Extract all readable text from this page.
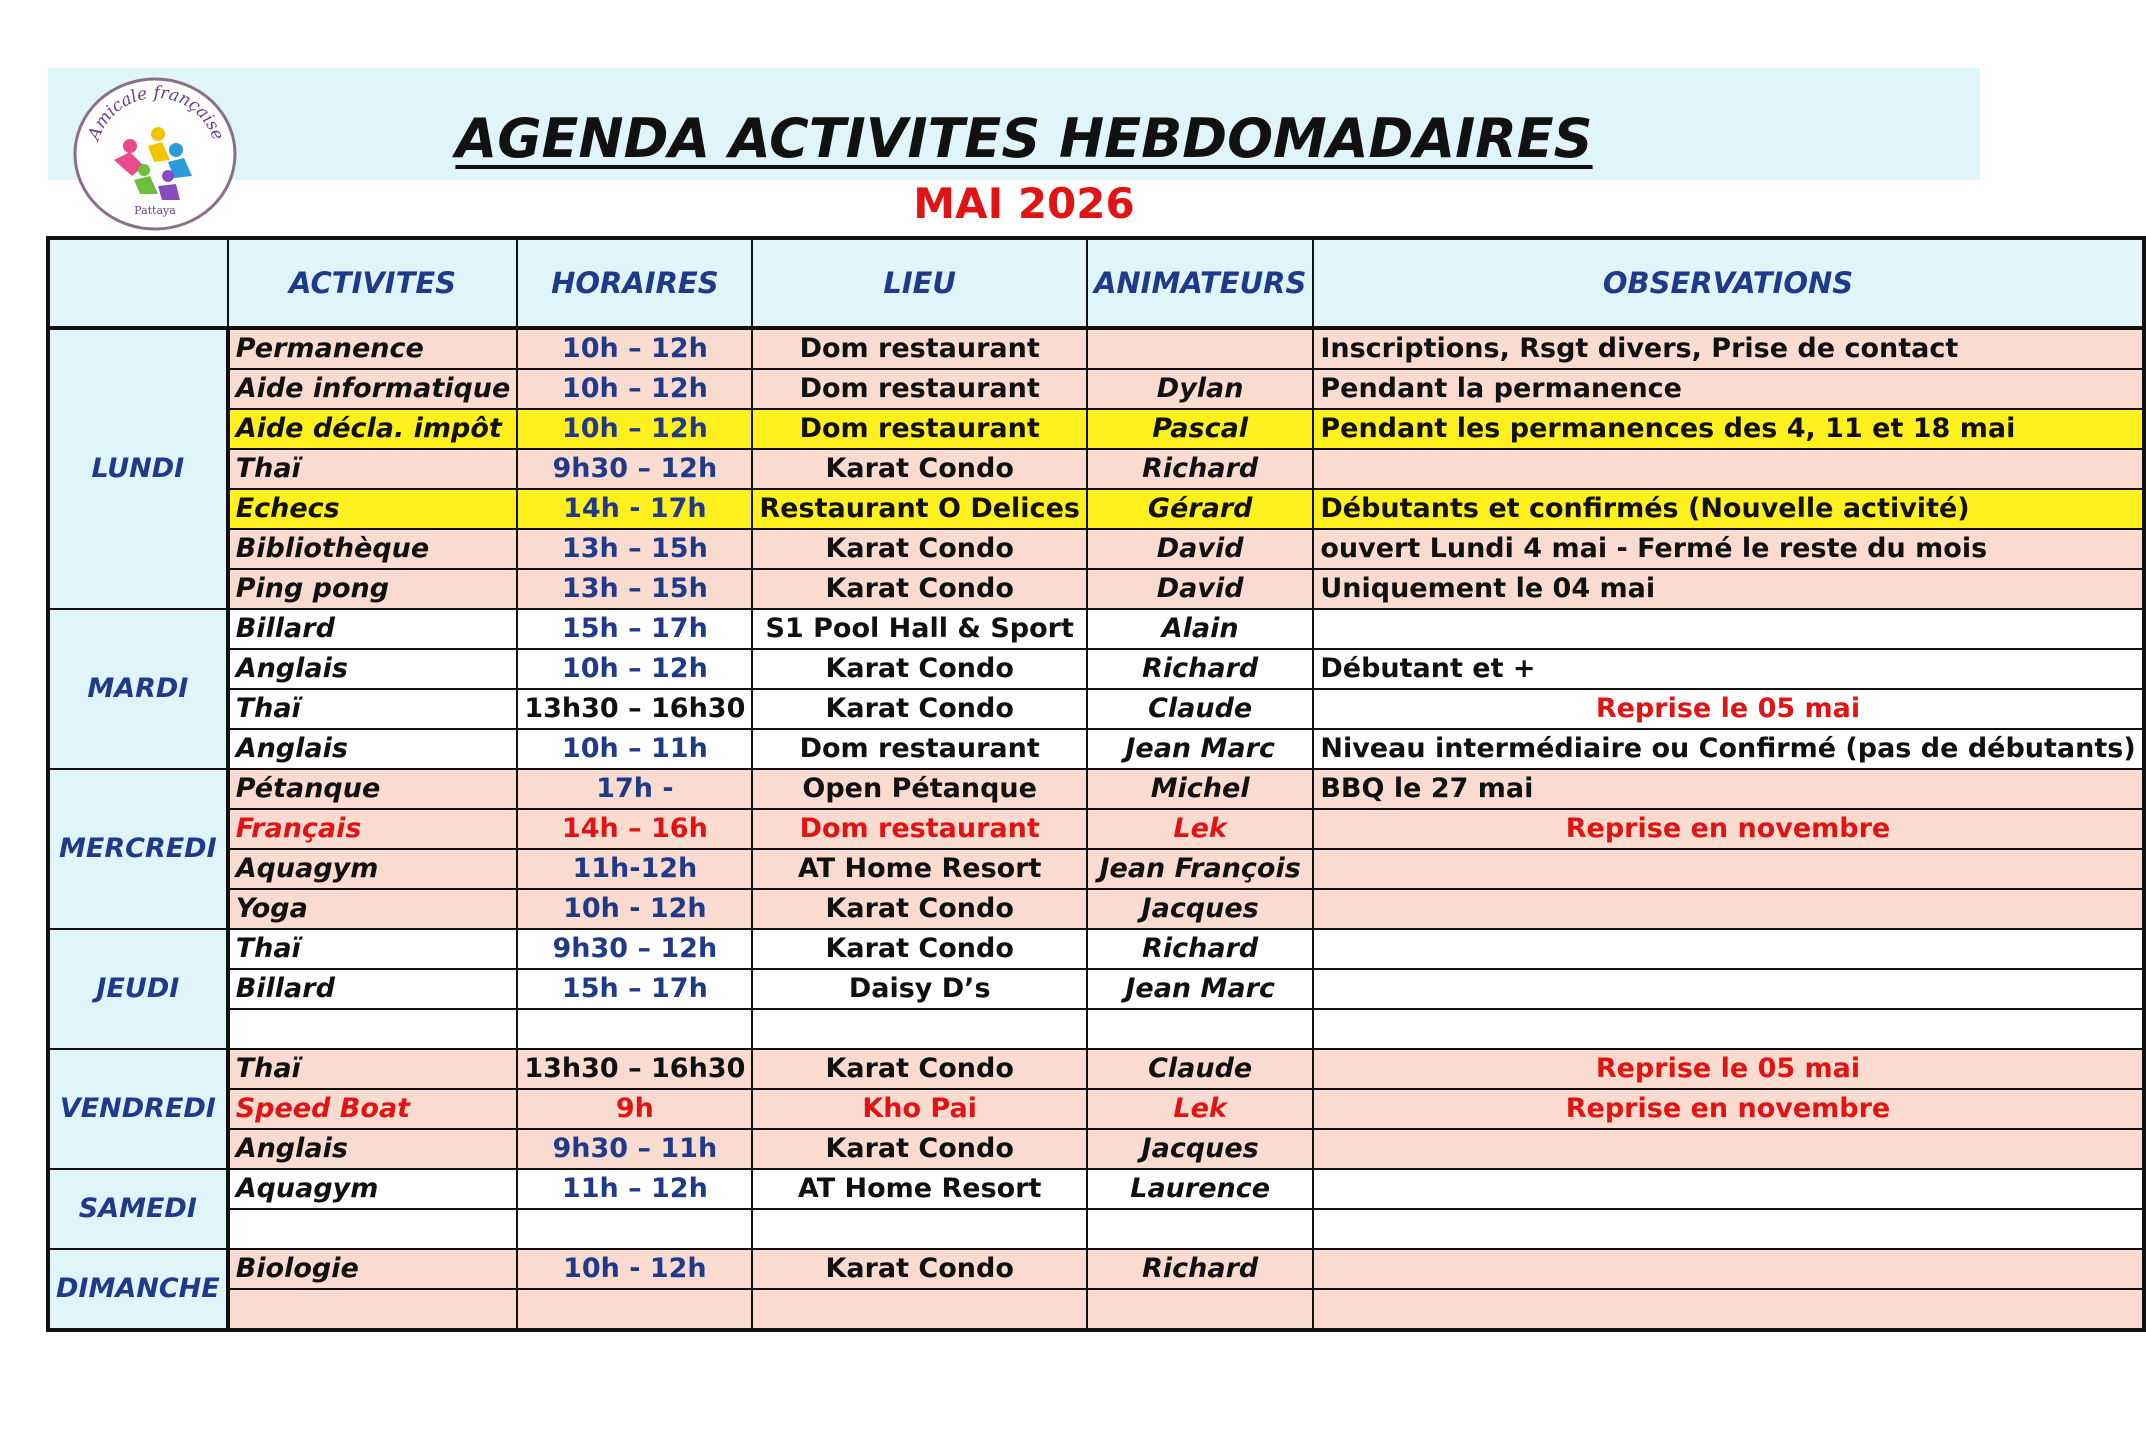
Amicale française
Pattaya
AGENDA ACTIVITES HEBDOMADAIRES
MAI 2026
	ACTIVITES	HORAIRES	LIEU	ANIMATEURS	OBSERVATIONS
LUNDI	Permanence	10h – 12h	Dom restaurant		Inscriptions, Rsgt divers, Prise de contact
	Aide informatique	10h – 12h	Dom restaurant	Dylan	Pendant la permanence
	Aide décla. impôt	10h – 12h	Dom restaurant	Pascal	Pendant les permanences des 4, 11 et 18 mai
	Thaï	9h30 – 12h	Karat Condo	Richard	
	Echecs	14h - 17h	Restaurant O Delices	Gérard	Débutants et confirmés (Nouvelle activité)
	Bibliothèque	13h – 15h	Karat Condo	David	ouvert Lundi 4 mai - Fermé le reste du mois
	Ping pong	13h – 15h	Karat Condo	David	Uniquement le 04 mai
MARDI	Billard	15h – 17h	S1 Pool Hall & Sport	Alain	
	Anglais	10h – 12h	Karat Condo	Richard	Débutant et +
	Thaï	13h30 – 16h30	Karat Condo	Claude	Reprise le 05 mai
	Anglais	10h – 11h	Dom restaurant	Jean Marc	Niveau intermédiaire ou Confirmé (pas de débutants)
MERCREDI	Pétanque	17h -	Open Pétanque	Michel	BBQ le 27 mai
	Français	14h – 16h	Dom restaurant	Lek	Reprise en novembre
	Aquagym	11h-12h	AT Home Resort	Jean François	
	Yoga	10h - 12h	Karat Condo	Jacques	
JEUDI	Thaï	9h30 – 12h	Karat Condo	Richard	
	Billard	15h – 17h	Daisy D’s	Jean Marc	

VENDREDI	Thaï	13h30 – 16h30	Karat Condo	Claude	Reprise le 05 mai
	Speed Boat	9h	Kho Pai	Lek	Reprise en novembre
	Anglais	9h30 – 11h	Karat Condo	Jacques	
SAMEDI	Aquagym	11h – 12h	AT Home Resort	Laurence	

DIMANCHE	Biologie	10h - 12h	Karat Condo	Richard	
